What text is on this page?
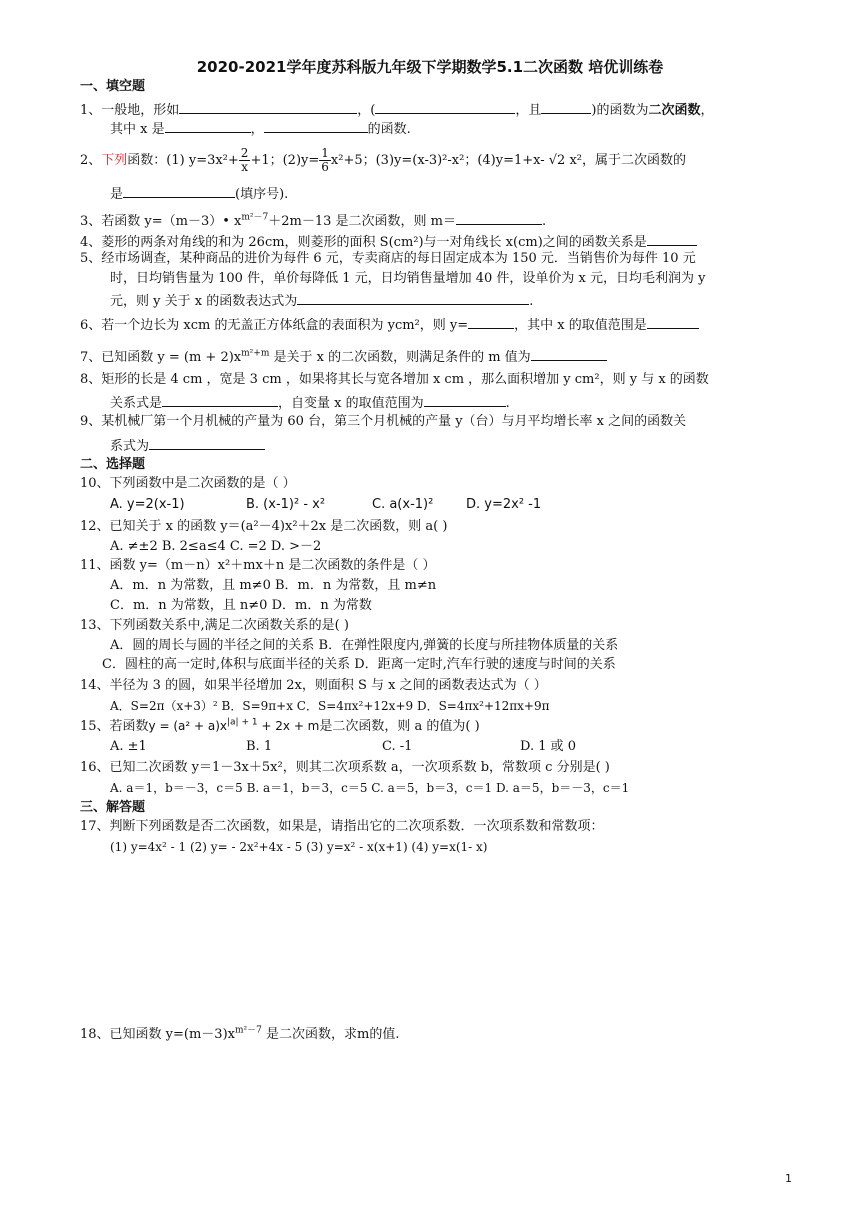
2020-2021学年度苏科版九年级下学期数学5.1二次函数 培优训练卷
一、填空题
1、一般地，形如	，(	，且	)的函数为二次函数，
其中 x 是	，	的函数.
2、下列函数：(1) $y=3x^2+ \frac{2}{x} +1$；$(2)y= \frac{1}{6} x^2+5$；(3)y=(x-3)²-x²；(4)y=1+x- √2 x²，属于二次函数的
是	(填序号).
3、若函数 y=（m－3）• $x^{m^2-7}+2m-13$ 是二次函数，则 m＝	.
4、菱形的两条对角线的和为 26cm，则菱形的面积 S(cm²)与一对角线长 x(cm)之间的函数关系是
5、经市场调查，某种商品的进价为每件 6 元，专卖商店的每日固定成本为 150 元．当销售价为每件 10 元
时，日均销售量为 100 件，单价每降低 1 元，日均销售量增加 40 件，设单价为 x 元，日均毛利润为 y
元，则 y 关于 x 的函数表达式为	.
6、若一个边长为 xcm 的无盖正方体纸盒的表面积为 ycm²，则 y=	，其中 x 的取值范围是
7、已知函数 $y = (m + 2)x^{m^2+m}$ 是关于 x 的二次函数，则满足条件的 m 值为
8、矩形的长是 4 cm ，宽是 3 cm ，如果将其长与宽各增加 x cm ，那么面积增加 y cm²，则 y 与 x 的函数
关系式是	，自变量 x 的取值范围为	.
9、某机械厂第一个月机械的产量为 60 台，第三个月机械的产量 y（台）与月平均增长率 x 之间的函数关
系式为
二、选择题
10、下列函数中是二次函数的是（ ）
A. y=2(x-1)	B. (x-1)² - x²	C. a(x-1)²	D. y=2x² -1
12、已知关于 x 的函数 y＝(a²－4)x²＋2x 是二次函数，则 a( )
A. ≠±2 B. 2≤a≤4 C. =2 D. >－2
11、函数 y=（m－n）x²＋mx＋n 是二次函数的条件是（ ）
A．m．n 为常数，且 m≠0 B．m．n 为常数，且 m≠n
C．m．n 为常数，且 n≠0 D．m．n 为常数
13、下列函数关系中,满足二次函数关系的是( )
A．圆的周长与圆的半径之间的关系 B．在弹性限度内,弹簧的长度与所挂物体质量的关系
C．圆柱的高一定时,体积与底面半径的关系 D．距离一定时,汽车行驶的速度与时间的关系
14、半径为 3 的圆，如果半径增加 2x，则面积 S 与 x 之间的函数表达式为（ ）
A．S=2π（x+3）² B．S=9π+x C．S=4πx²+12x+9 D．S=4πx²+12πx+9π
15、若函数$y = (a^2 + a)x^{|a| + 1} + 2x + m$是二次函数，则 a 的值为( )
A. ±1	B. 1	C. -1	D. 1 或 0
16、已知二次函数 y＝1－3x＋5x²，则其二次项系数 a，一次项系数 b，常数项 c 分别是( )
A. a＝1，b＝－3，c＝5 B. a＝1，b＝3，c＝5 C. a＝5，b＝3，c＝1 D. a＝5，b＝－3，c＝1
三、解答题
17、判断下列函数是否二次函数，如果是，请指出它的二次项系数．一次项系数和常数项：
(1) y=4x² - 1 (2) y= - 2x²+4x - 5 (3) y=x² - x(x+1) (4) y=x(1- x)
18、已知函数 $y=(m-3)x^{m^2-7}$ 是二次函数，求m的值.
1
